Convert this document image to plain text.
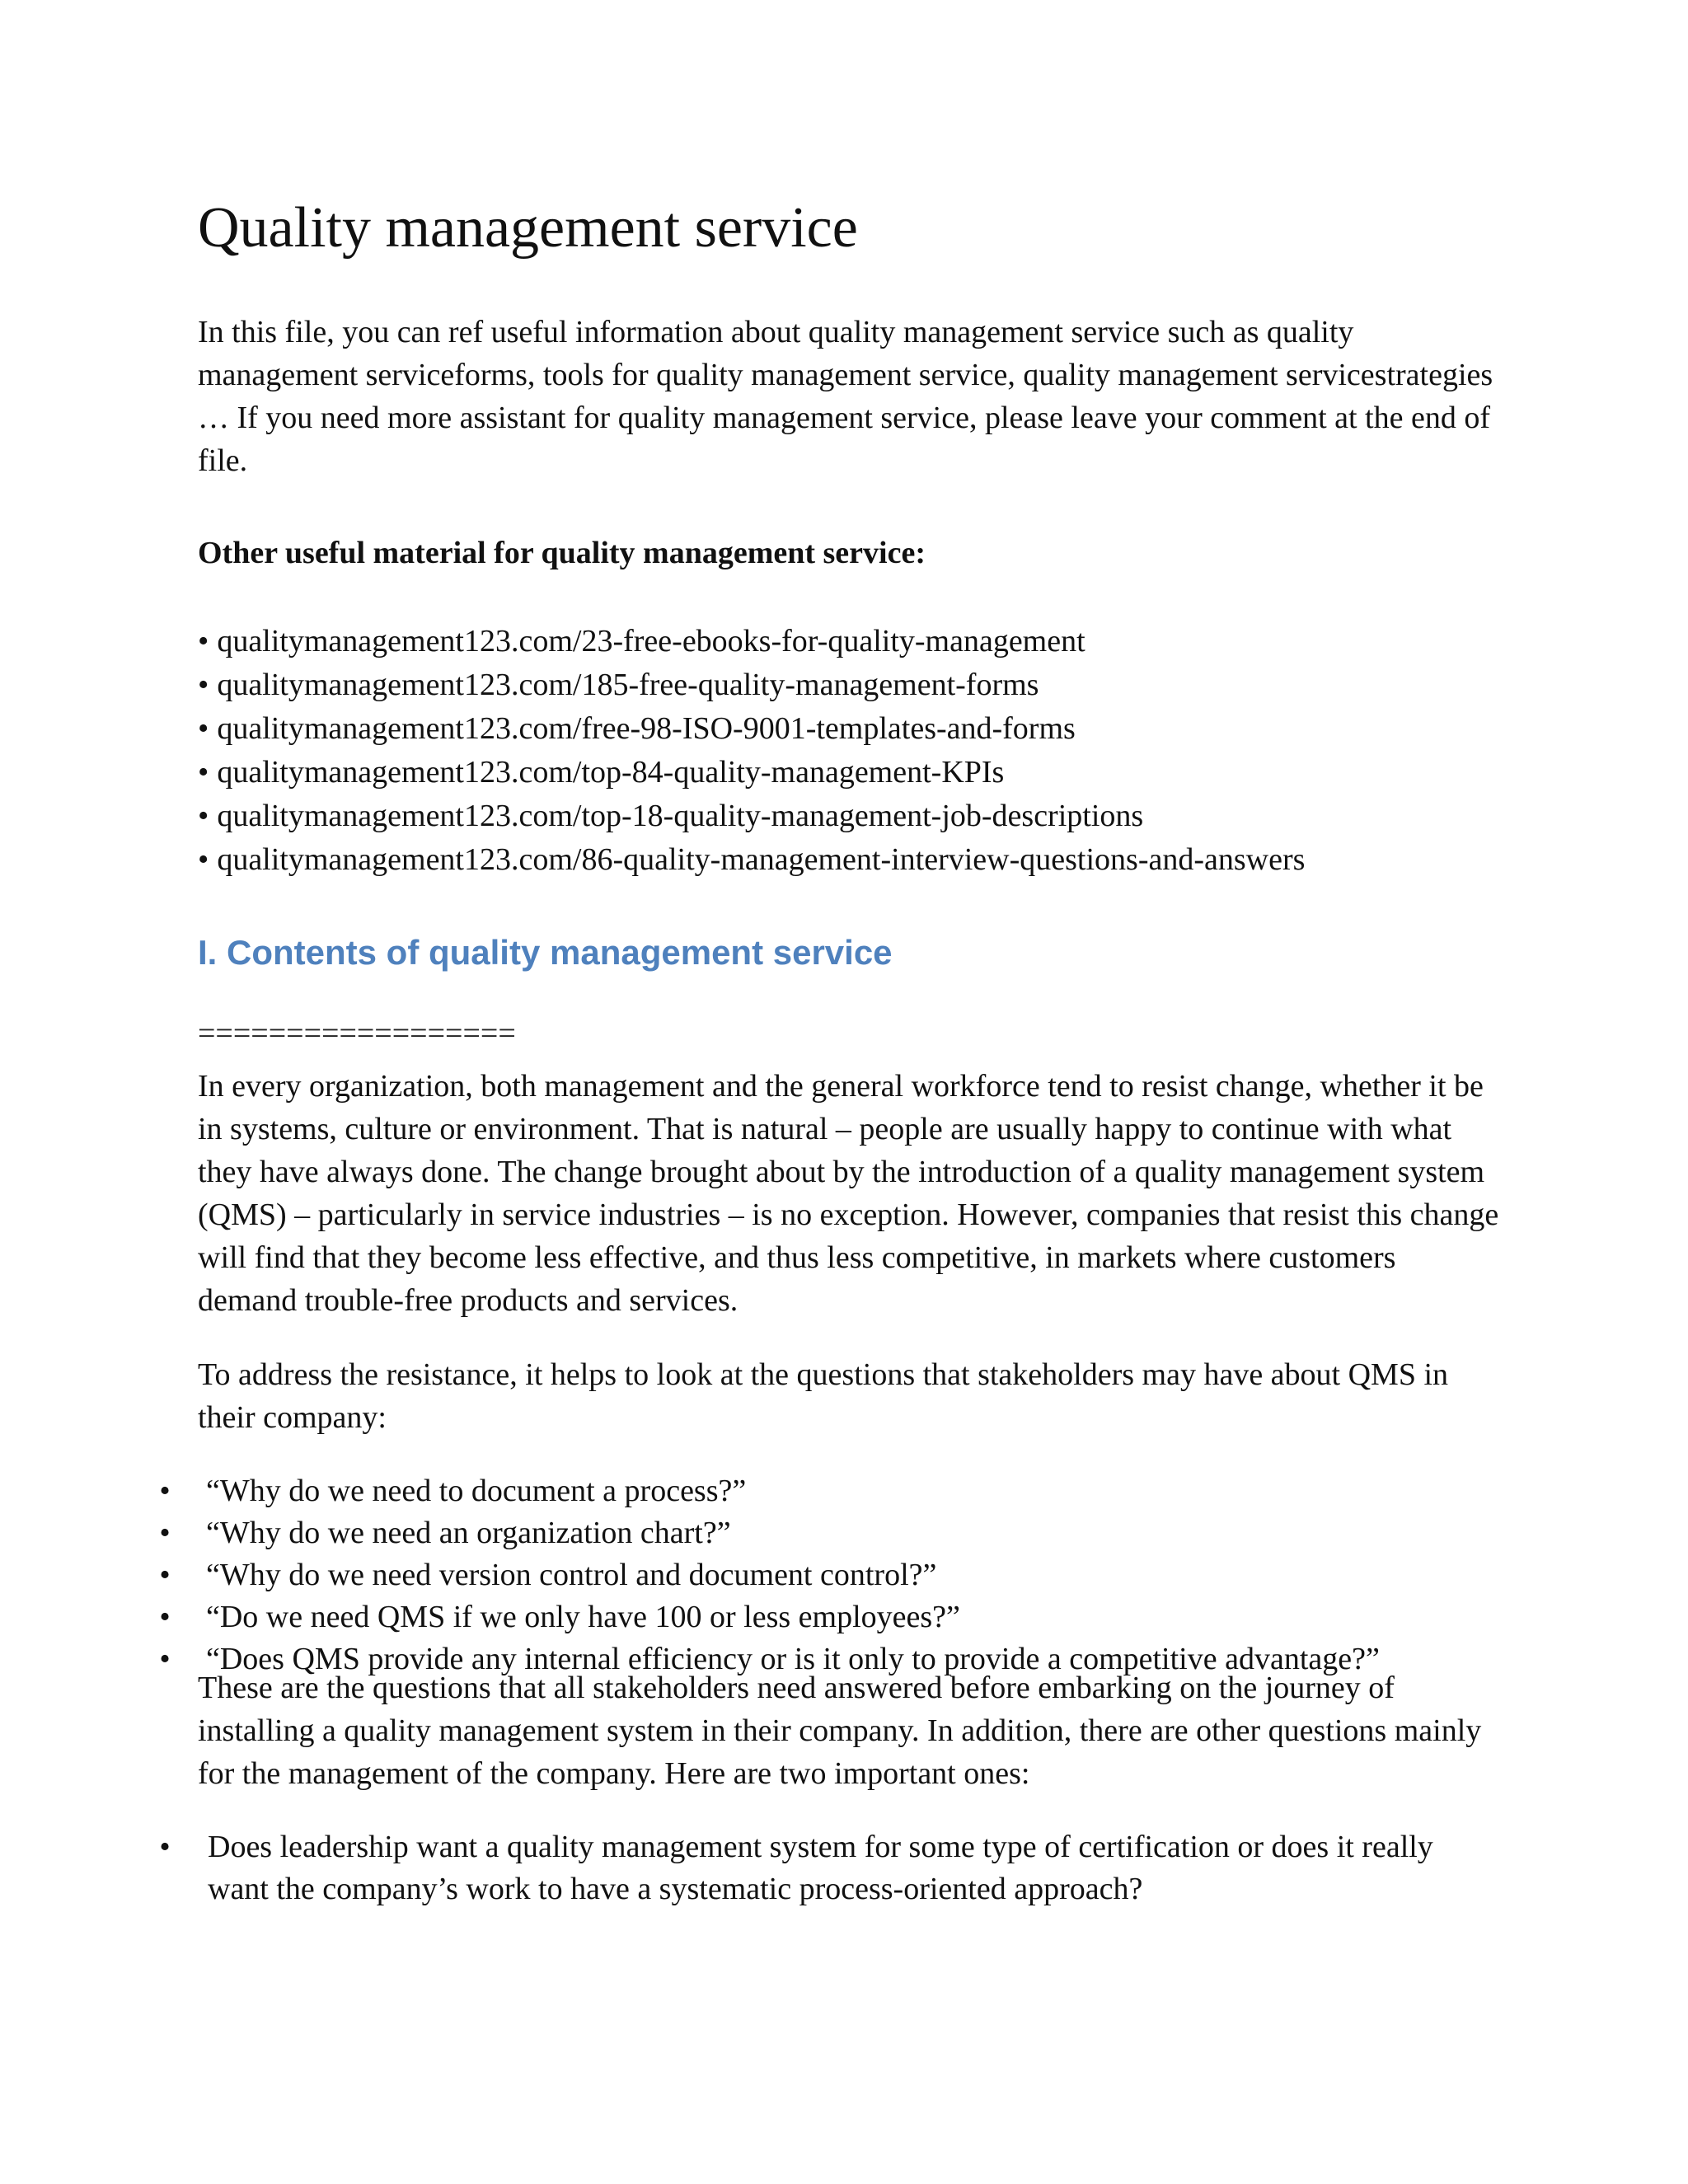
Quality management service

In this file, you can ref useful information about quality management service such as quality management serviceforms, tools for quality management service, quality management servicestrategies … If you need more assistant for quality management service, please leave your comment at the end of file.

Other useful material for quality management service:
• qualitymanagement123.com/23-free-ebooks-for-quality-management
• qualitymanagement123.com/185-free-quality-management-forms
• qualitymanagement123.com/free-98-ISO-9001-templates-and-forms
• qualitymanagement123.com/top-84-quality-management-KPIs
• qualitymanagement123.com/top-18-quality-management-job-descriptions
• qualitymanagement123.com/86-quality-management-interview-questions-and-answers
I. Contents of quality management service
==================

In every organization, both management and the general workforce tend to resist change, whether it be in systems, culture or environment. That is natural – people are usually happy to continue with what they have always done. The change brought about by the introduction of a quality management system (QMS) – particularly in service industries – is no exception. However, companies that resist this change will find that they become less effective, and thus less competitive, in markets where customers demand trouble-free products and services.

To address the resistance, it helps to look at the questions that stakeholders may have about QMS in their company:

• “Why do we need to document a process?”
• “Why do we need an organization chart?”
• “Why do we need version control and document control?”
• “Do we need QMS if we only have 100 or less employees?”
• “Does QMS provide any internal efficiency or is it only to provide a competitive advantage?”

These are the questions that all stakeholders need answered before embarking on the journey of installing a quality management system in their company. In addition, there are other questions mainly for the management of the company. Here are two important ones:

• Does leadership want a quality management system for some type of certification or does it really want the company’s work to have a systematic process-oriented approach?
